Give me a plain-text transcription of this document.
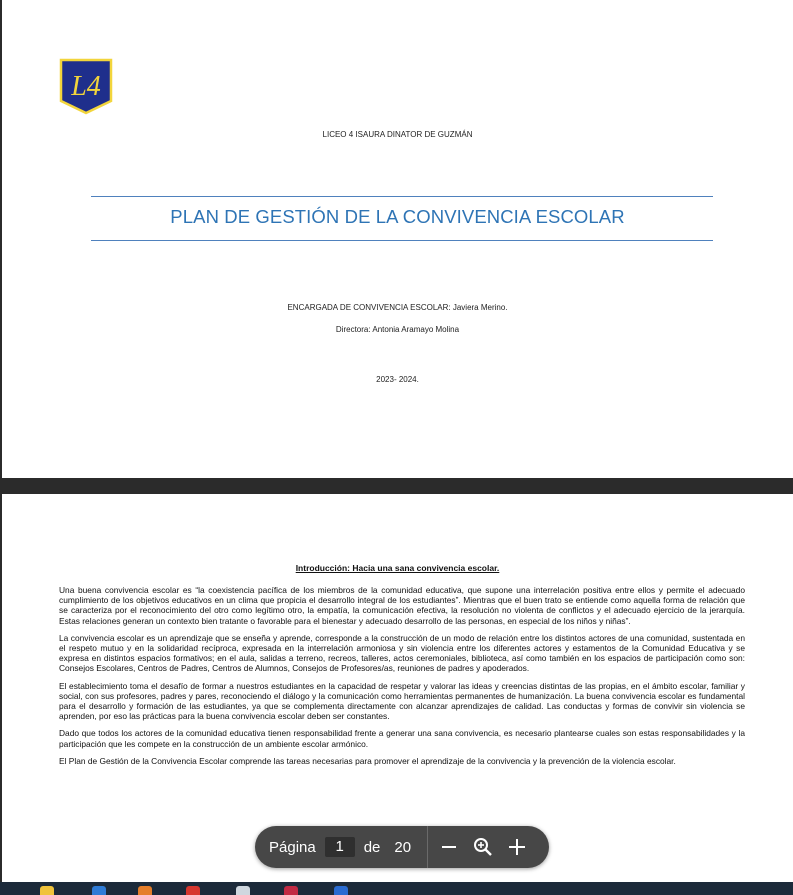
L4
LICEO 4 ISAURA DINATOR DE GUZMÁN
PLAN DE GESTIÓN DE LA CONVIVENCIA ESCOLAR
ENCARGADA DE CONVIVENCIA ESCOLAR: Javiera Merino.
Directora: Antonia Aramayo Molina
2023- 2024.
Introducción: Hacia una sana convivencia escolar.

Una buena convivencia escolar es “la coexistencia pacífica de los miembros de la comunidad educativa, que supone una interrelación positiva entre ellos y permite el adecuado cumplimiento de los objetivos educativos en un clima que propicia el desarrollo integral de los estudiantes”. Mientras que el buen trato se entiende como aquella forma de relación que se caracteriza por el reconocimiento del otro como legítimo otro, la empatía, la comunicación efectiva, la resolución no violenta de conflictos y el adecuado ejercicio de la jerarquía. Estas relaciones generan un contexto bien tratante o favorable para el bienestar y adecuado desarrollo de las personas, en especial de los niños y niñas”.

La convivencia escolar es un aprendizaje que se enseña y aprende, corresponde a la construcción de un modo de relación entre los distintos actores de una comunidad, sustentada en el respeto mutuo y en la solidaridad recíproca, expresada en la interrelación armoniosa y sin violencia entre los diferentes actores y estamentos de la Comunidad Educativa y se expresa en distintos espacios formativos; en el aula, salidas a terreno, recreos, talleres, actos ceremoniales, biblioteca, así como también en los espacios de participación como son: Consejos Escolares, Centros de Padres, Centros de Alumnos, Consejos de Profesores/as, reuniones de padres y apoderados.

El establecimiento toma el desafío de formar a nuestros estudiantes en la capacidad de respetar y valorar las ideas y creencias distintas de las propias, en el ámbito escolar, familiar y social, con sus profesores, padres y pares, reconociendo el diálogo y la comunicación como herramientas permanentes de humanización. La buena convivencia escolar es fundamental para el desarrollo y formación de las estudiantes, ya que se complementa directamente con alcanzar aprendizajes de calidad. Las conductas y formas de convivir sin violencia se aprenden, por eso las prácticas para la buena convivencia escolar deben ser constantes.

Dado que todos los actores de la comunidad educativa tienen responsabilidad frente a generar una sana convivencia, es necesario plantearse cuales son estas responsabilidades y la participación que les compete en la construcción de un ambiente escolar armónico.

El Plan de Gestión de la Convivencia Escolar comprende las tareas necesarias para promover el aprendizaje de la convivencia y la prevención de la violencia escolar.

Página	1	de 20
